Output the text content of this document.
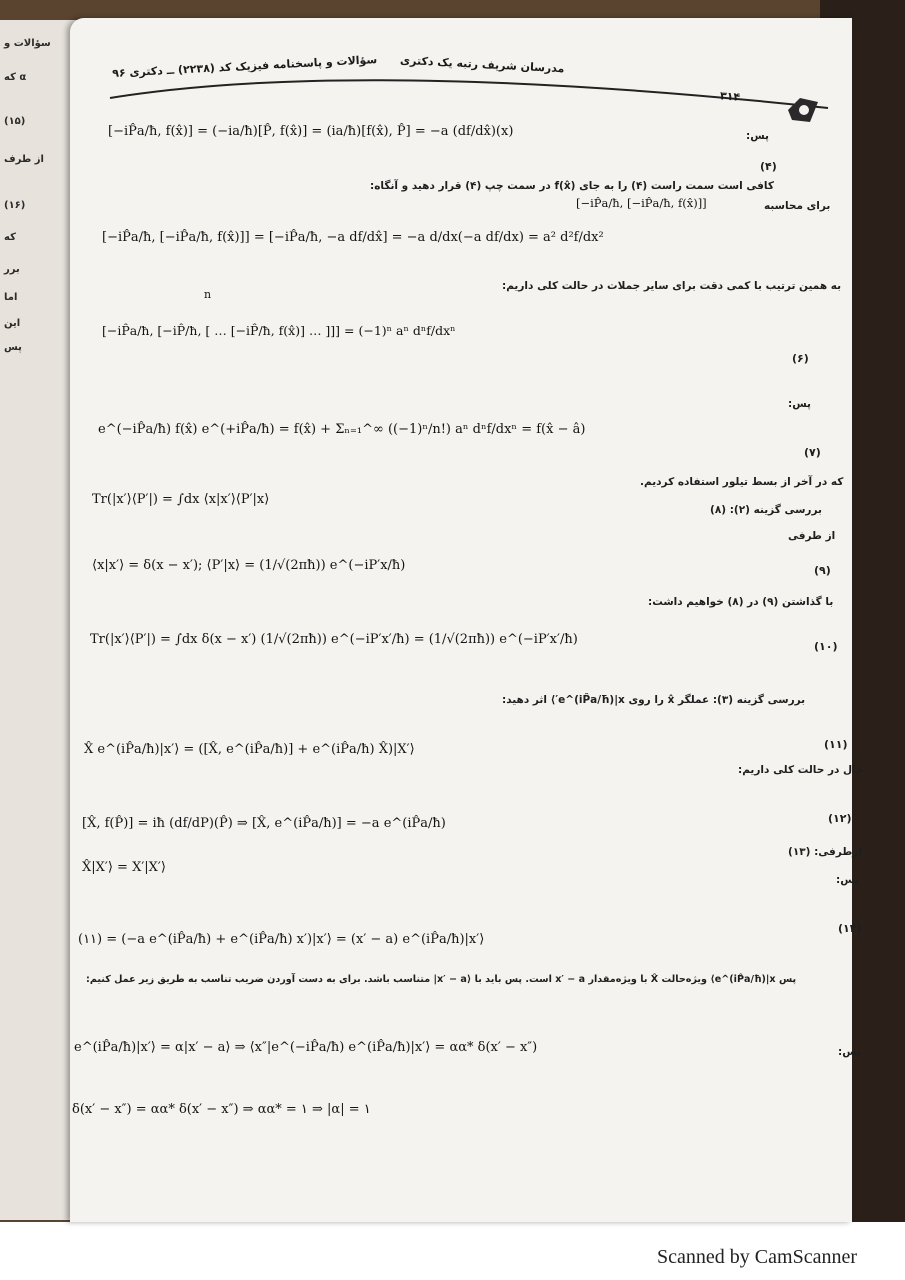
سؤالات و
که α
(۱۵)
از طرف
(۱۶)
که
برر
اما
این
پس
سؤالات و پاسخنامه فیزیک کد (۲۲۳۸) ــ دکتری ۹۶ مدرسان شریف رتبه یک دکتری
۳۱۴
[−iP̂a/ħ, f(x̂)] = (−ia/ħ)[P̂, f(x̂)] = (ia/ħ)[f(x̂), P̂] = −a (df/dx̂)(x)	پس:
(۴)
کافی است سمت راست (۴) را به جای f(x̂) در سمت چپ (۴) قرار دهید و آنگاه:
[−iP̂a/ħ, [−iP̂a/ħ, f(x̂)]]	برای محاسبه
[−iP̂a/ħ, [−iP̂a/ħ, f(x̂)]] = [−iP̂a/ħ, −a df/dx̂] = −a d/dx(−a df/dx) = a² d²f/dx²
به همین ترتیب با کمی دقت برای سایر جملات در حالت کلی داریم:
n
[−iP̂a/ħ, [−iP̂/ħ, [ … [−iP̂/ħ, f(x̂)] … ]]] = (−1)ⁿ aⁿ dⁿf/dxⁿ
(۶)
پس:
e^(−iP̂a/ħ) f(x̂) e^(+iP̂a/ħ) = f(x̂) + Σₙ₌₁^∞ ((−1)ⁿ/n!) aⁿ dⁿf/dxⁿ = f(x̂ − â)
(۷)
که در آخر از بسط تیلور استفاده کردیم.
Tr(|x′⟩⟨P′|) = ∫dx ⟨x|x′⟩⟨P′|x⟩
بررسی گزینه (۲): (۸)
از طرفی
⟨x|x′⟩ = δ(x − x′); ⟨P′|x⟩ = (1/√(2πħ)) e^(−iP′x/ħ)	(۹)
با گذاشتن (۹) در (۸) خواهیم داشت:
Tr(|x′⟩⟨P′|) = ∫dx δ(x − x′) (1/√(2πħ)) e^(−iP′x′/ħ) = (1/√(2πħ)) e^(−iP′x′/ħ)	(۱۰)
بررسی گزینه (۳): عملگر x̂ را روی e^(iP̂a/ħ)|x′⟩ اثر دهید:
X̂ e^(iP̂a/ħ)|x′⟩ = ([X̂, e^(iP̂a/ħ)] + e^(iP̂a/ħ) X̂)|X′⟩	(۱۱)
حال در حالت کلی داریم:
[X̂, f(P̂)] = iħ (df/dP)(P̂) ⇒ [X̂, e^(iP̂a/ħ)] = −a e^(iP̂a/ħ)	(۱۲)
ازطرفی: (۱۳)
X̂|X′⟩ = X′|X′⟩
پس:
(۱۱) = (−a e^(iP̂a/ħ) + e^(iP̂a/ħ) x′)|x′⟩ = (x′ − a) e^(iP̂a/ħ)|x′⟩
(۱۴)
پس e^(iP̂a/ħ)|x⟩ ویژه‌حالت X̂ با ویژه‌مقدار x′ − a است. پس باید با ⟨x′ − a| متناسب باشد. برای به دست آوردن ضریب تناسب به طریق زیر عمل کنیم:
e^(iP̂a/ħ)|x′⟩ = α|x′ − a⟩ ⇒ ⟨x″|e^(−iP̂a/ħ) e^(iP̂a/ħ)|x′⟩ = αα* δ(x′ − x″)	پس:
δ(x′ − x″) = αα* δ(x′ − x″) ⇒ αα* = ۱ ⇒ |α| = ۱
Scanned by CamScanner
